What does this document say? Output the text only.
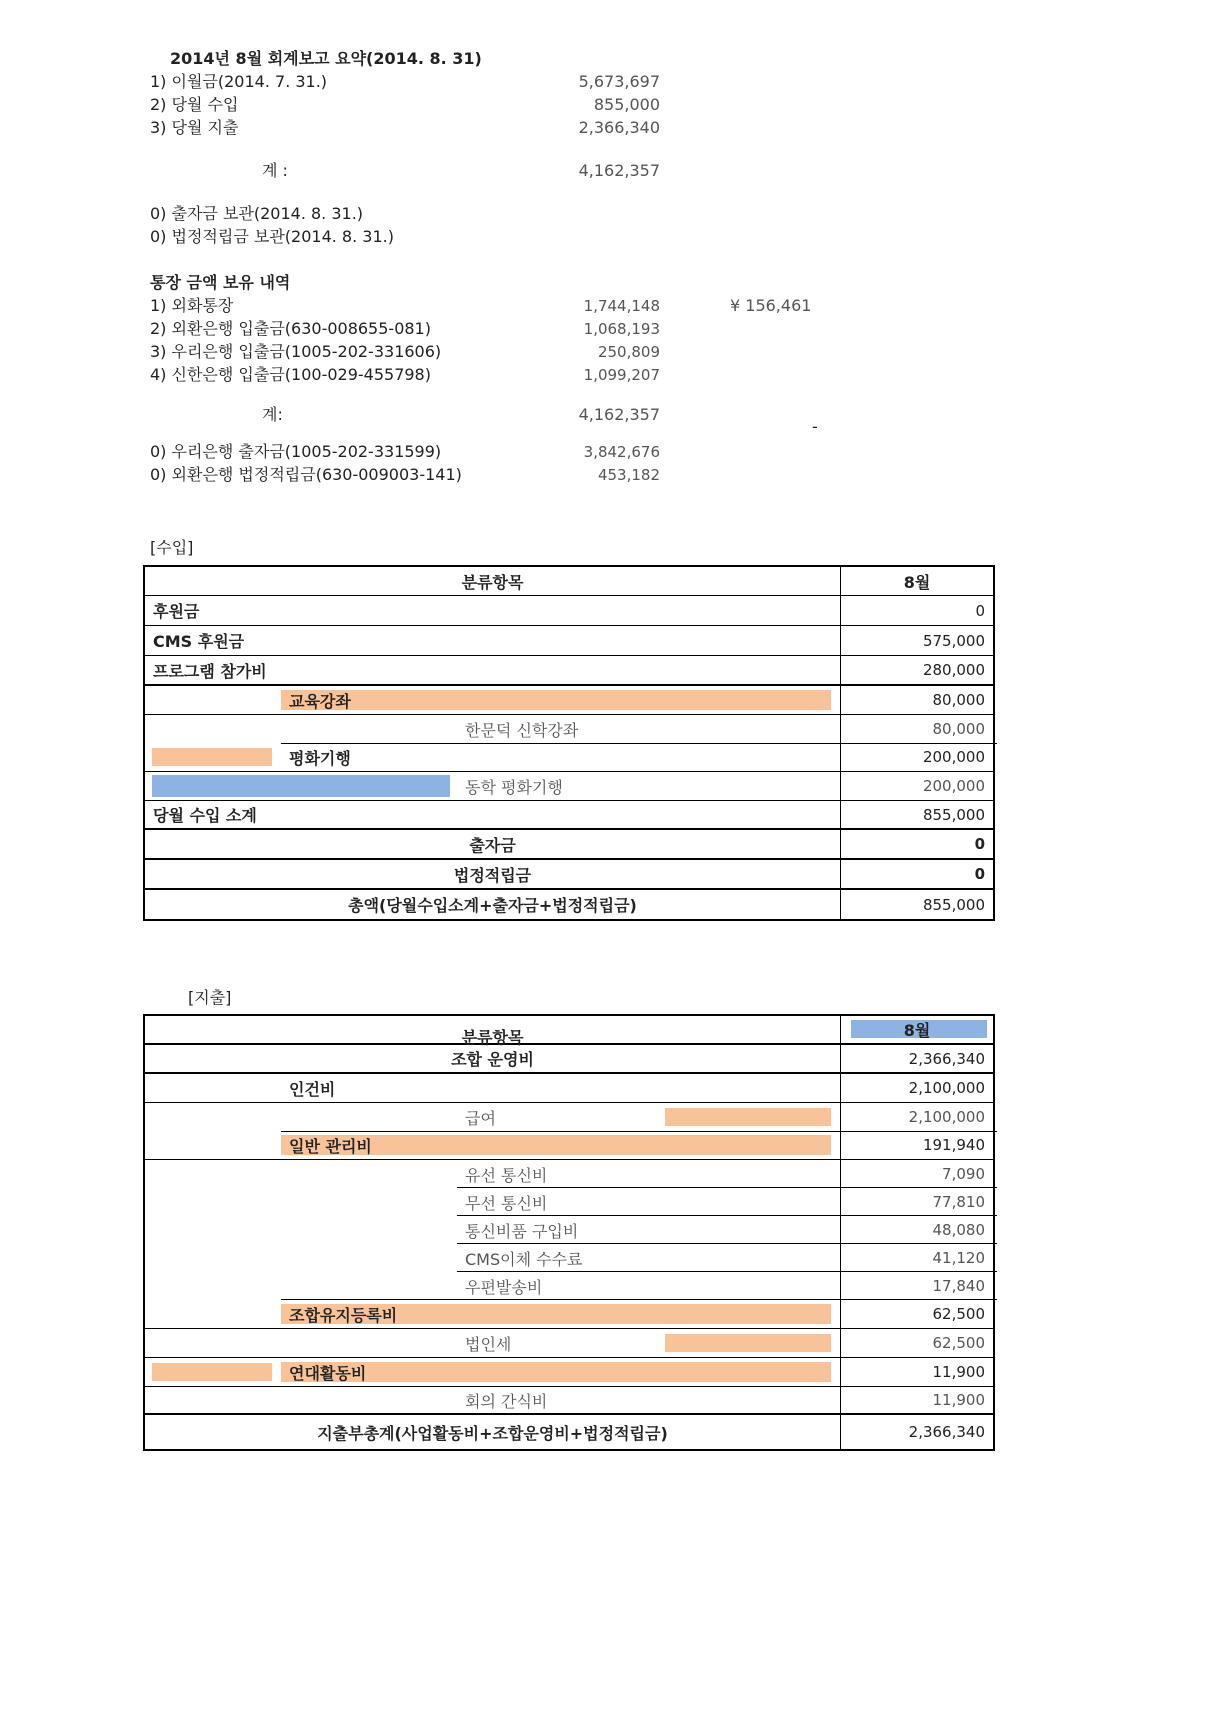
2014년 8월 회계보고 요약(2014. 8. 31)
1) 이월금(2014. 7. 31.)	5,673,697
2) 당월 수입	855,000
3) 당월 지출	2,366,340
계 :	4,162,357
0) 출자금 보관(2014. 8. 31.)
0) 법정적립금 보관(2014. 8. 31.)
통장 금액 보유 내역
1) 외화통장	1,744,148	¥ 156,461
2) 외환은행 입출금(630-008655-081)	1,068,193
3) 우리은행 입출금(1005-202-331606)	250,809
4) 신한은행 입출금(100-029-455798)	1,099,207
계:	4,162,357
-
0) 우리은행 출자금(1005-202-331599)	3,842,676
0) 외환은행 법정적립금(630-009003-141)	453,182
[수입]
분류항목	8월
후원금	0
CMS 후원금	575,000
프로그램 참가비	280,000
교육강좌	80,000
한문덕 신학강좌	80,000
평화기행	200,000
동학 평화기행	200,000
당월 수입 소계	855,000
출자금	0
법정적립금	0
총액(당월수입소계+출자금+법정적립금)	855,000
[지출]
분류항목	8월
조합 운영비	2,366,340
인건비	2,100,000
급여	2,100,000
일반 관리비	191,940
유선 통신비	7,090
무선 통신비	77,810
통신비품 구입비	48,080
CMS이체 수수료	41,120
우편발송비	17,840
조합유지등록비	62,500
법인세	62,500
연대활동비	11,900
회의 간식비	11,900
지출부총계(사업활동비+조합운영비+법정적립금)	2,366,340
